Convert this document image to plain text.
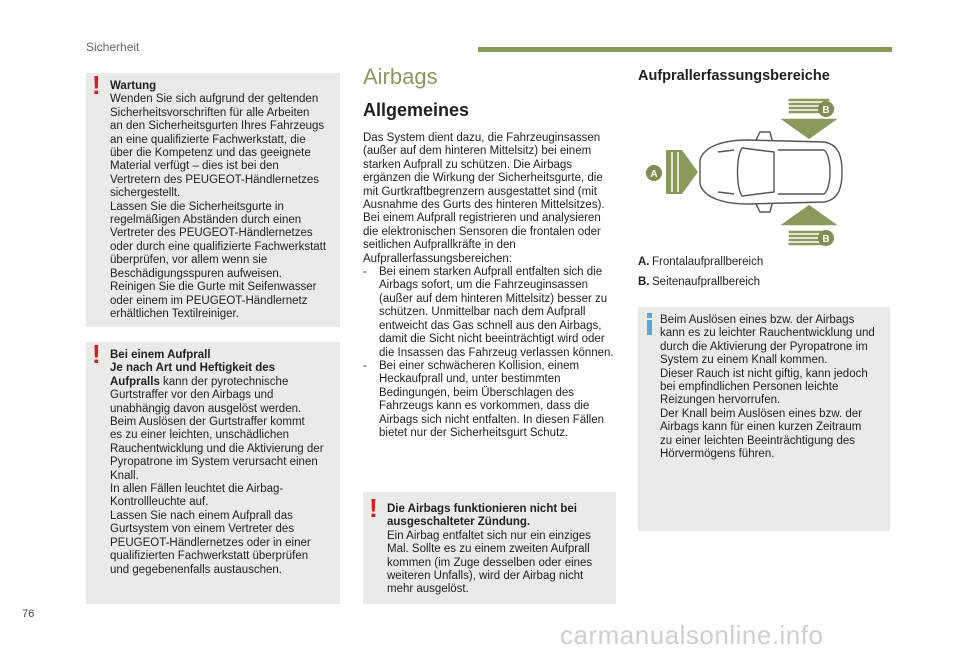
Sicherheit
! Wartung

Wenden Sie sich aufgrund der geltenden
Sicherheitsvorschriften für alle Arbeiten
an den Sicherheitsgurten Ihres Fahrzeugs
an eine qualifizierte Fachwerkstatt, die
über die Kompetenz und das geeignete
Material verfügt – dies ist bei den
Vertretern des PEUGEOT-Händlernetzes
sichergestellt.
Lassen Sie die Sicherheitsgurte in
regelmäßigen Abständen durch einen
Vertreter des PEUGEOT-Händlernetzes
oder durch eine qualifizierte Fachwerkstatt
überprüfen, vor allem wenn sie
Beschädigungsspuren aufweisen.
Reinigen Sie die Gurte mit Seifenwasser
oder einem im PEUGEOT-Händlernetz
erhältlichen Textilreiniger.

! Bei einem Aufprall

Je nach Art und Heftigkeit des

Aufpralls kann der pyrotechnische

Gurtstraffer vor den Airbags und
unabhängig davon ausgelöst werden.
Beim Auslösen der Gurtstraffer kommt
es zu einer leichten, unschädlichen
Rauchentwicklung und die Aktivierung der
Pyropatrone im System verursacht einen
Knall.
In allen Fällen leuchtet die Airbag-
Kontrollleuchte auf.
Lassen Sie nach einem Aufprall das
Gurtsystem von einem Vertreter des
PEUGEOT-Händlernetzes oder in einer
qualifizierten Fachwerkstatt überprüfen
und gegebenenfalls austauschen.

Airbags
Allgemeines

Das System dient dazu, die Fahrzeuginsassen (außer auf dem hinteren Mittelsitz) bei einem starken Aufprall zu schützen. Die Airbags ergänzen die Wirkung der Sicherheitsgurte, die mit Gurtkraftbegrenzern ausgestattet sind (mit Ausnahme des Gurts des hinteren Mittelsitzes). Bei einem Aufprall registrieren und analysieren die elektronischen Sensoren die frontalen oder seitlichen Aufprallkräfte in den Aufprallerfassungsbereichen:

- Bei einem starken Aufprall entfalten sich die Airbags sofort, um die Fahrzeuginsassen (außer auf dem hinteren Mittelsitz) besser zu schützen. Unmittelbar nach dem Aufprall entweicht das Gas schnell aus den Airbags, damit die Sicht nicht beeinträchtigt wird oder die Insassen das Fahrzeug verlassen können.
- Bei einer schwächeren Kollision, einem Heckaufprall und, unter bestimmten Bedingungen, beim Überschlagen des Fahrzeugs kann es vorkommen, dass die Airbags sich nicht entfalten. In diesen Fällen bietet nur der Sicherheitsgurt Schutz.
! Die Airbags funktionieren nicht bei
ausgeschalteter Zündung.

Ein Airbag entfaltet sich nur ein einziges
Mal. Sollte es zu einem zweiten Aufprall
kommen (im Zuge desselben oder eines
weiteren Unfalls), wird der Airbag nicht
mehr ausgelöst.

Aufprallerfassungsbereiche
B
B
A
A. Frontalaufprallbereich
B. Seitenaufprallbereich

Beim Auslösen eines bzw. der Airbags
kann es zu leichter Rauchentwicklung und
durch die Aktivierung der Pyropatrone im
System zu einem Knall kommen.
Dieser Rauch ist nicht giftig, kann jedoch
bei empfindlichen Personen leichte
Reizungen hervorrufen.
Der Knall beim Auslösen eines bzw. der
Airbags kann für einen kurzen Zeitraum
zu einer leichten Beeinträchtigung des
Hörvermögens führen.

76
carmanualsonline.info
